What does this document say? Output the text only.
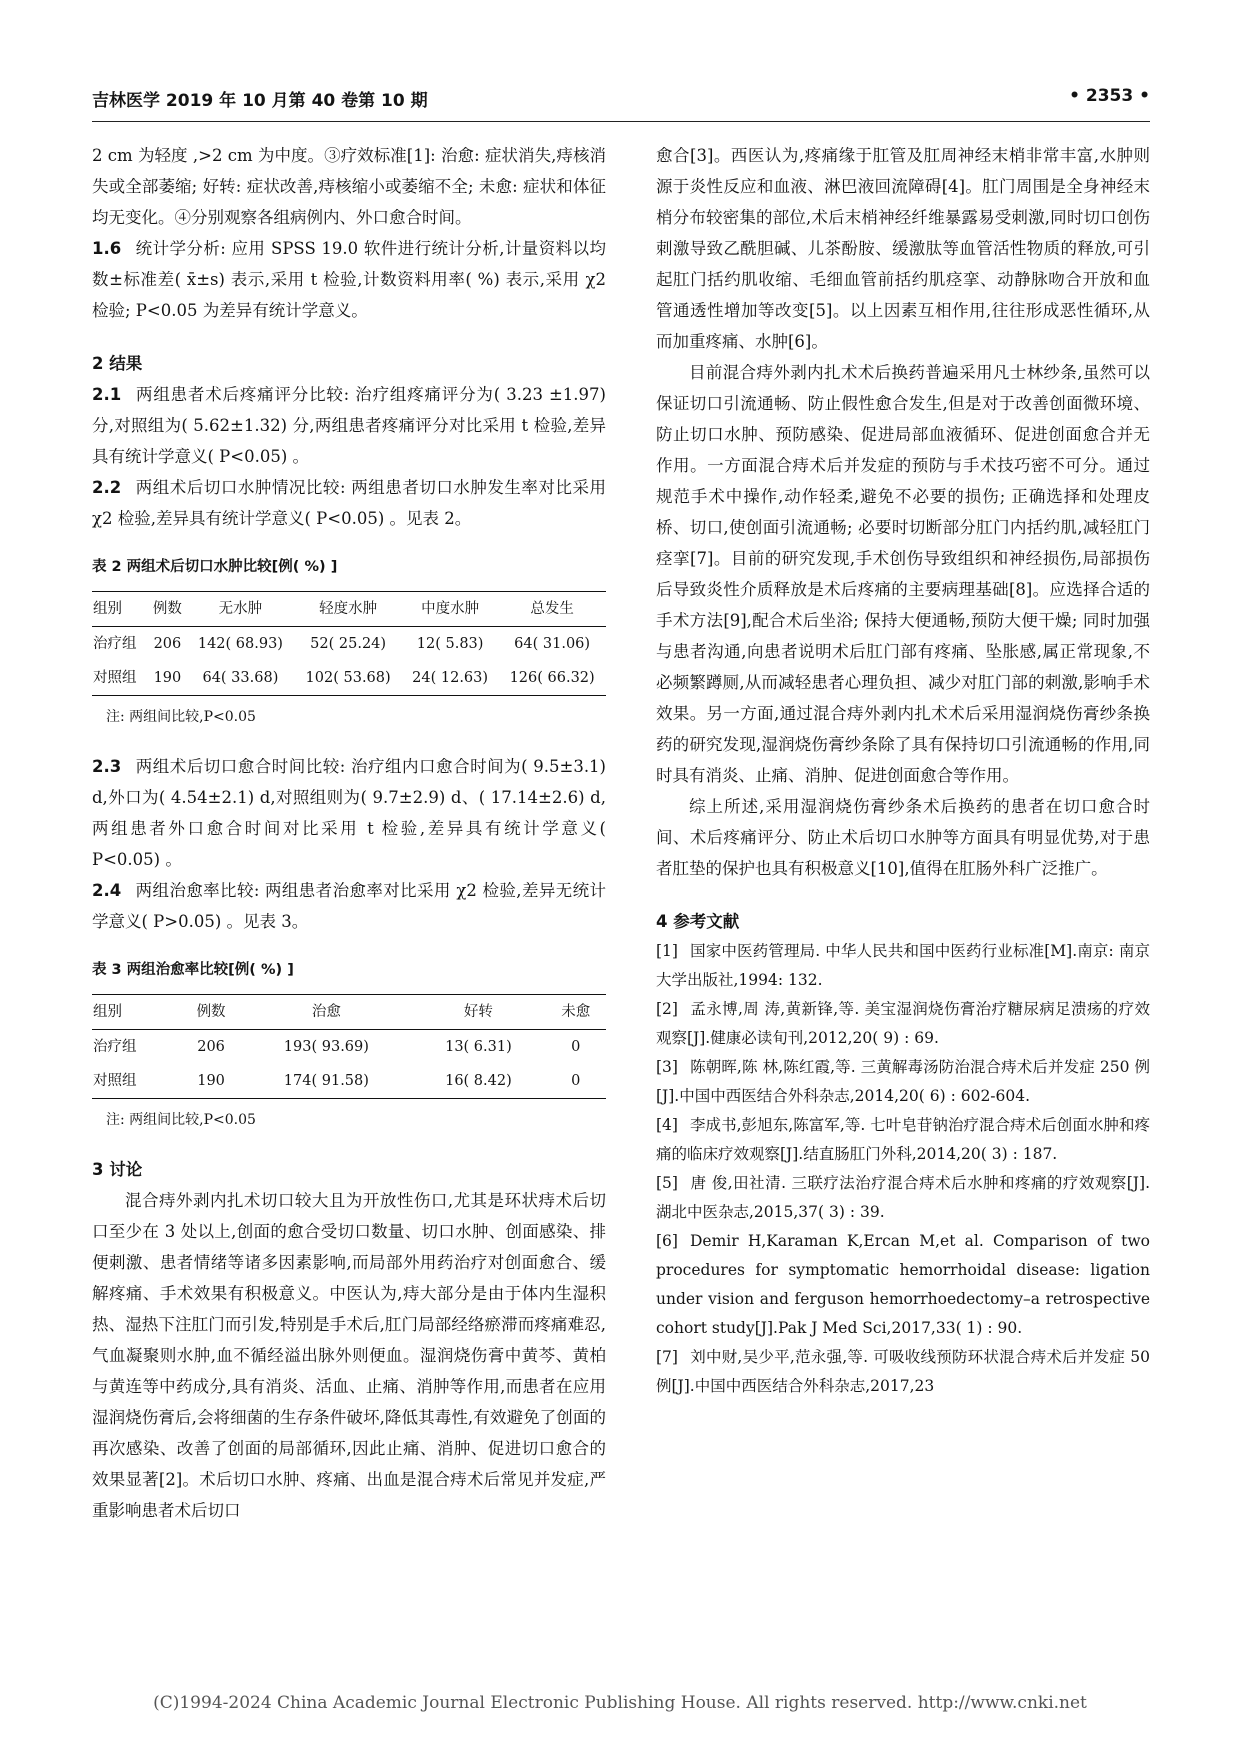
吉林医学 2019 年 10 月第 40 卷第 10 期	• 2353 •

2 cm 为轻度 ,>2 cm 为中度。③疗效标准[1]: 治愈: 症状消失,痔核消失或全部萎缩; 好转: 症状改善,痔核缩小或萎缩不全; 未愈: 症状和体征均无变化。④分别观察各组病例内、外口愈合时间。

1.6 统计学分析: 应用 SPSS 19.0 软件进行统计分析,计量资料以均数±标准差( x̄±s) 表示,采用 t 检验,计数资料用率( %) 表示,采用 χ2 检验; P<0.05 为差异有统计学意义。

2 结果

2.1 两组患者术后疼痛评分比较: 治疗组疼痛评分为( 3.23 ±1.97) 分,对照组为( 5.62±1.32) 分,两组患者疼痛评分对比采用 t 检验,差异具有统计学意义( P<0.05) 。

2.2 两组术后切口水肿情况比较: 两组患者切口水肿发生率对比采用 χ2 检验,差异具有统计学意义( P<0.05) 。见表 2。

表 2 两组术后切口水肿比较[例( %) ]
组别	例数	无水肿	轻度水肿	中度水肿	总发生
治疗组	206	142( 68.93)	52( 25.24)	12( 5.83)	64( 31.06)
对照组	190	64( 33.68)	102( 53.68)	24( 12.63)	126( 66.32)
注: 两组间比较,P<0.05

2.3 两组术后切口愈合时间比较: 治疗组内口愈合时间为( 9.5±3.1) d,外口为( 4.54±2.1) d,对照组则为( 9.7±2.9) d、( 17.14±2.6) d,两组患者外口愈合时间对比采用 t 检验,差异具有统计学意义( P<0.05) 。

2.4 两组治愈率比较: 两组患者治愈率对比采用 χ2 检验,差异无统计学意义( P>0.05) 。见表 3。

表 3 两组治愈率比较[例( %) ]
组别	例数	治愈	好转	未愈
治疗组	206	193( 93.69)	13( 6.31)	0
对照组	190	174( 91.58)	16( 8.42)	0
注: 两组间比较,P<0.05

3 讨论

混合痔外剥内扎术切口较大且为开放性伤口,尤其是环状痔术后切口至少在 3 处以上,创面的愈合受切口数量、切口水肿、创面感染、排便刺激、患者情绪等诸多因素影响,而局部外用药治疗对创面愈合、缓解疼痛、手术效果有积极意义。中医认为,痔大部分是由于体内生湿积热、湿热下注肛门而引发,特别是手术后,肛门局部经络瘀滞而疼痛难忍,气血凝聚则水肿,血不循经溢出脉外则便血。湿润烧伤膏中黄芩、黄柏与黄连等中药成分,具有消炎、活血、止痛、消肿等作用,而患者在应用湿润烧伤膏后,会将细菌的生存条件破坏,降低其毒性,有效避免了创面的再次感染、改善了创面的局部循环,因此止痛、消肿、促进切口愈合的效果显著[2]。术后切口水肿、疼痛、出血是混合痔术后常见并发症,严重影响患者术后切口

愈合[3]。西医认为,疼痛缘于肛管及肛周神经末梢非常丰富,水肿则源于炎性反应和血液、淋巴液回流障碍[4]。肛门周围是全身神经末梢分布较密集的部位,术后末梢神经纤维暴露易受刺激,同时切口创伤刺激导致乙酰胆碱、儿茶酚胺、缓激肽等血管活性物质的释放,可引起肛门括约肌收缩、毛细血管前括约肌痉挛、动静脉吻合开放和血管通透性增加等改变[5]。以上因素互相作用,往往形成恶性循环,从而加重疼痛、水肿[6]。

目前混合痔外剥内扎术术后换药普遍采用凡士林纱条,虽然可以保证切口引流通畅、防止假性愈合发生,但是对于改善创面微环境、防止切口水肿、预防感染、促进局部血液循环、促进创面愈合并无作用。一方面混合痔术后并发症的预防与手术技巧密不可分。通过规范手术中操作,动作轻柔,避免不必要的损伤; 正确选择和处理皮桥、切口,使创面引流通畅; 必要时切断部分肛门内括约肌,减轻肛门痉挛[7]。目前的研究发现,手术创伤导致组织和神经损伤,局部损伤后导致炎性介质释放是术后疼痛的主要病理基础[8]。应选择合适的手术方法[9],配合术后坐浴; 保持大便通畅,预防大便干燥; 同时加强与患者沟通,向患者说明术后肛门部有疼痛、坠胀感,属正常现象,不必频繁蹲厕,从而减轻患者心理负担、减少对肛门部的刺激,影响手术效果。另一方面,通过混合痔外剥内扎术术后采用湿润烧伤膏纱条换药的研究发现,湿润烧伤膏纱条除了具有保持切口引流通畅的作用,同时具有消炎、止痛、消肿、促进创面愈合等作用。

综上所述,采用湿润烧伤膏纱条术后换药的患者在切口愈合时间、术后疼痛评分、防止术后切口水肿等方面具有明显优势,对于患者肛垫的保护也具有积极意义[10],值得在肛肠外科广泛推广。

4 参考文献

[1] 国家中医药管理局. 中华人民共和国中医药行业标准[M].南京: 南京大学出版社,1994: 132.
[2] 孟永博,周 涛,黄新锋,等. 美宝湿润烧伤膏治疗糖尿病足溃疡的疗效观察[J].健康必读旬刊,2012,20( 9) : 69.
[3] 陈朝晖,陈 林,陈红霞,等. 三黄解毒汤防治混合痔术后并发症 250 例[J].中国中西医结合外科杂志,2014,20( 6) : 602-604.
[4] 李成书,彭旭东,陈富军,等. 七叶皂苷钠治疗混合痔术后创面水肿和疼痛的临床疗效观察[J].结直肠肛门外科,2014,20( 3) : 187.
[5] 唐 俊,田社清. 三联疗法治疗混合痔术后水肿和疼痛的疗效观察[J].湖北中医杂志,2015,37( 3) : 39.
[6] Demir H,Karaman K,Ercan M,et al. Comparison of two procedures for symptomatic hemorrhoidal disease: ligation under vision and ferguson hemorrhoedectomy–a retrospective cohort study[J].Pak J Med Sci,2017,33( 1) : 90.
[7] 刘中财,吴少平,范永强,等. 可吸收线预防环状混合痔术后并发症 50 例[J].中国中西医结合外科杂志,2017,23
(C)1994-2024 China Academic Journal Electronic Publishing House. All rights reserved. http://www.cnki.net
